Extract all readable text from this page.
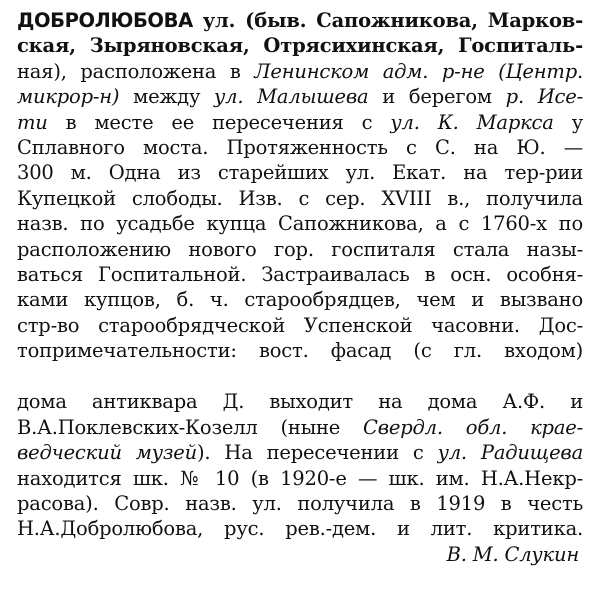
ДОБРОЛЮБОВА ул. (быв. Сапожникова, Марков-
ская, Зыряновская, Отрясихинская, Госпиталь-
ная), расположена в Ленинском адм. р-не (Центр.
микрор-н) между ул. Малышева и берегом р. Исе-
ти в месте ее пересечения с ул. К. Маркса у
Сплавного моста. Протяженность с С. на Ю. —
300 м. Одна из старейших ул. Екат. на тер-рии
Купецкой слободы. Изв. с сер. XVIII в., получила
назв. по усадьбе купца Сапожникова, а с 1760-х по
расположению нового гор. госпиталя стала назы-
ваться Госпитальной. Застраивалась в осн. особня-
ками купцов, б. ч. старообрядцев, чем и вызвано
стр-во старообрядческой Успенской часовни. Дос-
топримечательности: вост. фасад (с гл. входом)
дома антиквара Д. выходит на дома А.Ф. и
В.А.Поклевских-Козелл (ныне Свердл. обл. крае-
ведческий музей). На пересечении с ул. Радищева
находится шк. № 10 (в 1920-е — шк. им. Н.А.Некр-
расова). Совр. назв. ул. получила в 1919 в честь
Н.А.Добролюбова, рус. рев.-дем. и лит. критика.
В. М. Слукин
